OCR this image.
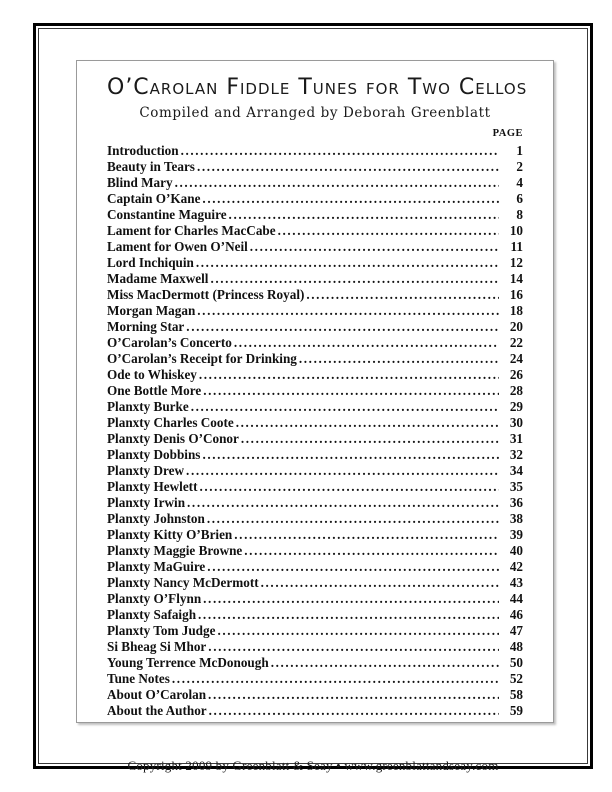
O’Carolan Fiddle Tunes for Two Cellos
Compiled and Arranged by Deborah Greenblatt
PAGE
Introduction .....	1
Beauty in Tears .....	2
Blind Mary .....	4
Captain O’Kane .....	6
Constantine Maguire .....	8
Lament for Charles MacCabe .....	10
Lament for Owen O’Neil .....	11
Lord Inchiquin .....	12
Madame Maxwell .....	14
Miss MacDermott (Princess Royal) .....	16
Morgan Magan .....	18
Morning Star .....	20
O’Carolan’s Concerto .....	22
O’Carolan’s Receipt for Drinking .....	24
Ode to Whiskey .....	26
One Bottle More .....	28
Planxty Burke .....	29
Planxty Charles Coote .....	30
Planxty Denis O’Conor .....	31
Planxty Dobbins .....	32
Planxty Drew .....	34
Planxty Hewlett .....	35
Planxty Irwin .....	36
Planxty Johnston .....	38
Planxty Kitty O’Brien .....	39
Planxty Maggie Browne .....	40
Planxty MaGuire .....	42
Planxty Nancy McDermott .....	43
Planxty O’Flynn .....	44
Planxty Safaigh .....	46
Planxty Tom Judge .....	47
Si Bheag Si Mhor .....	48
Young Terrence McDonough .....	50
Tune Notes .....	52
About O’Carolan .....	58
About the Author .....	59
Copyright 2009 by Greenblatt & Seay • www.greenblattandseay.com
